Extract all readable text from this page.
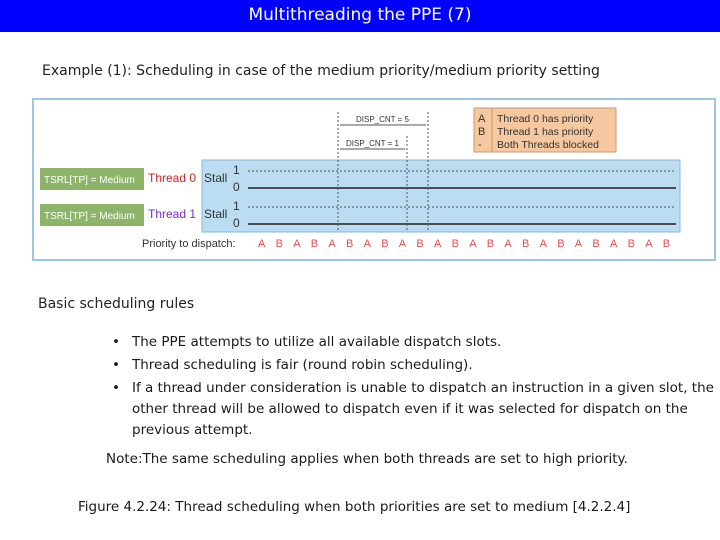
Multithreading the PPE (7)
Example (1): Scheduling in case of the medium priority/medium priority setting
TSRL[TP] = Medium
TSRL[TP] = Medium
Thread 0
Thread 1
Stall
Stall
1
0
1
0
DISP_CNT = 5
DISP_CNT = 1
A
B
-
Thread 0 has priority
Thread 1 has priority
Both Threads blocked
Priority to dispatch: A B A B A B A B A B A B A B A B A B A B A B A B
Basic scheduling rules
• The PPE attempts to utilize all available dispatch slots.
• Thread scheduling is fair (round robin scheduling).
• If a thread under consideration is unable to dispatch an instruction in a given slot, the other thread will be allowed to dispatch even if it was selected for dispatch on the previous attempt.
Note:The same scheduling applies when both threads are set to high priority.
Figure 4.2.24: Thread scheduling when both priorities are set to medium [4.2.2.4]
